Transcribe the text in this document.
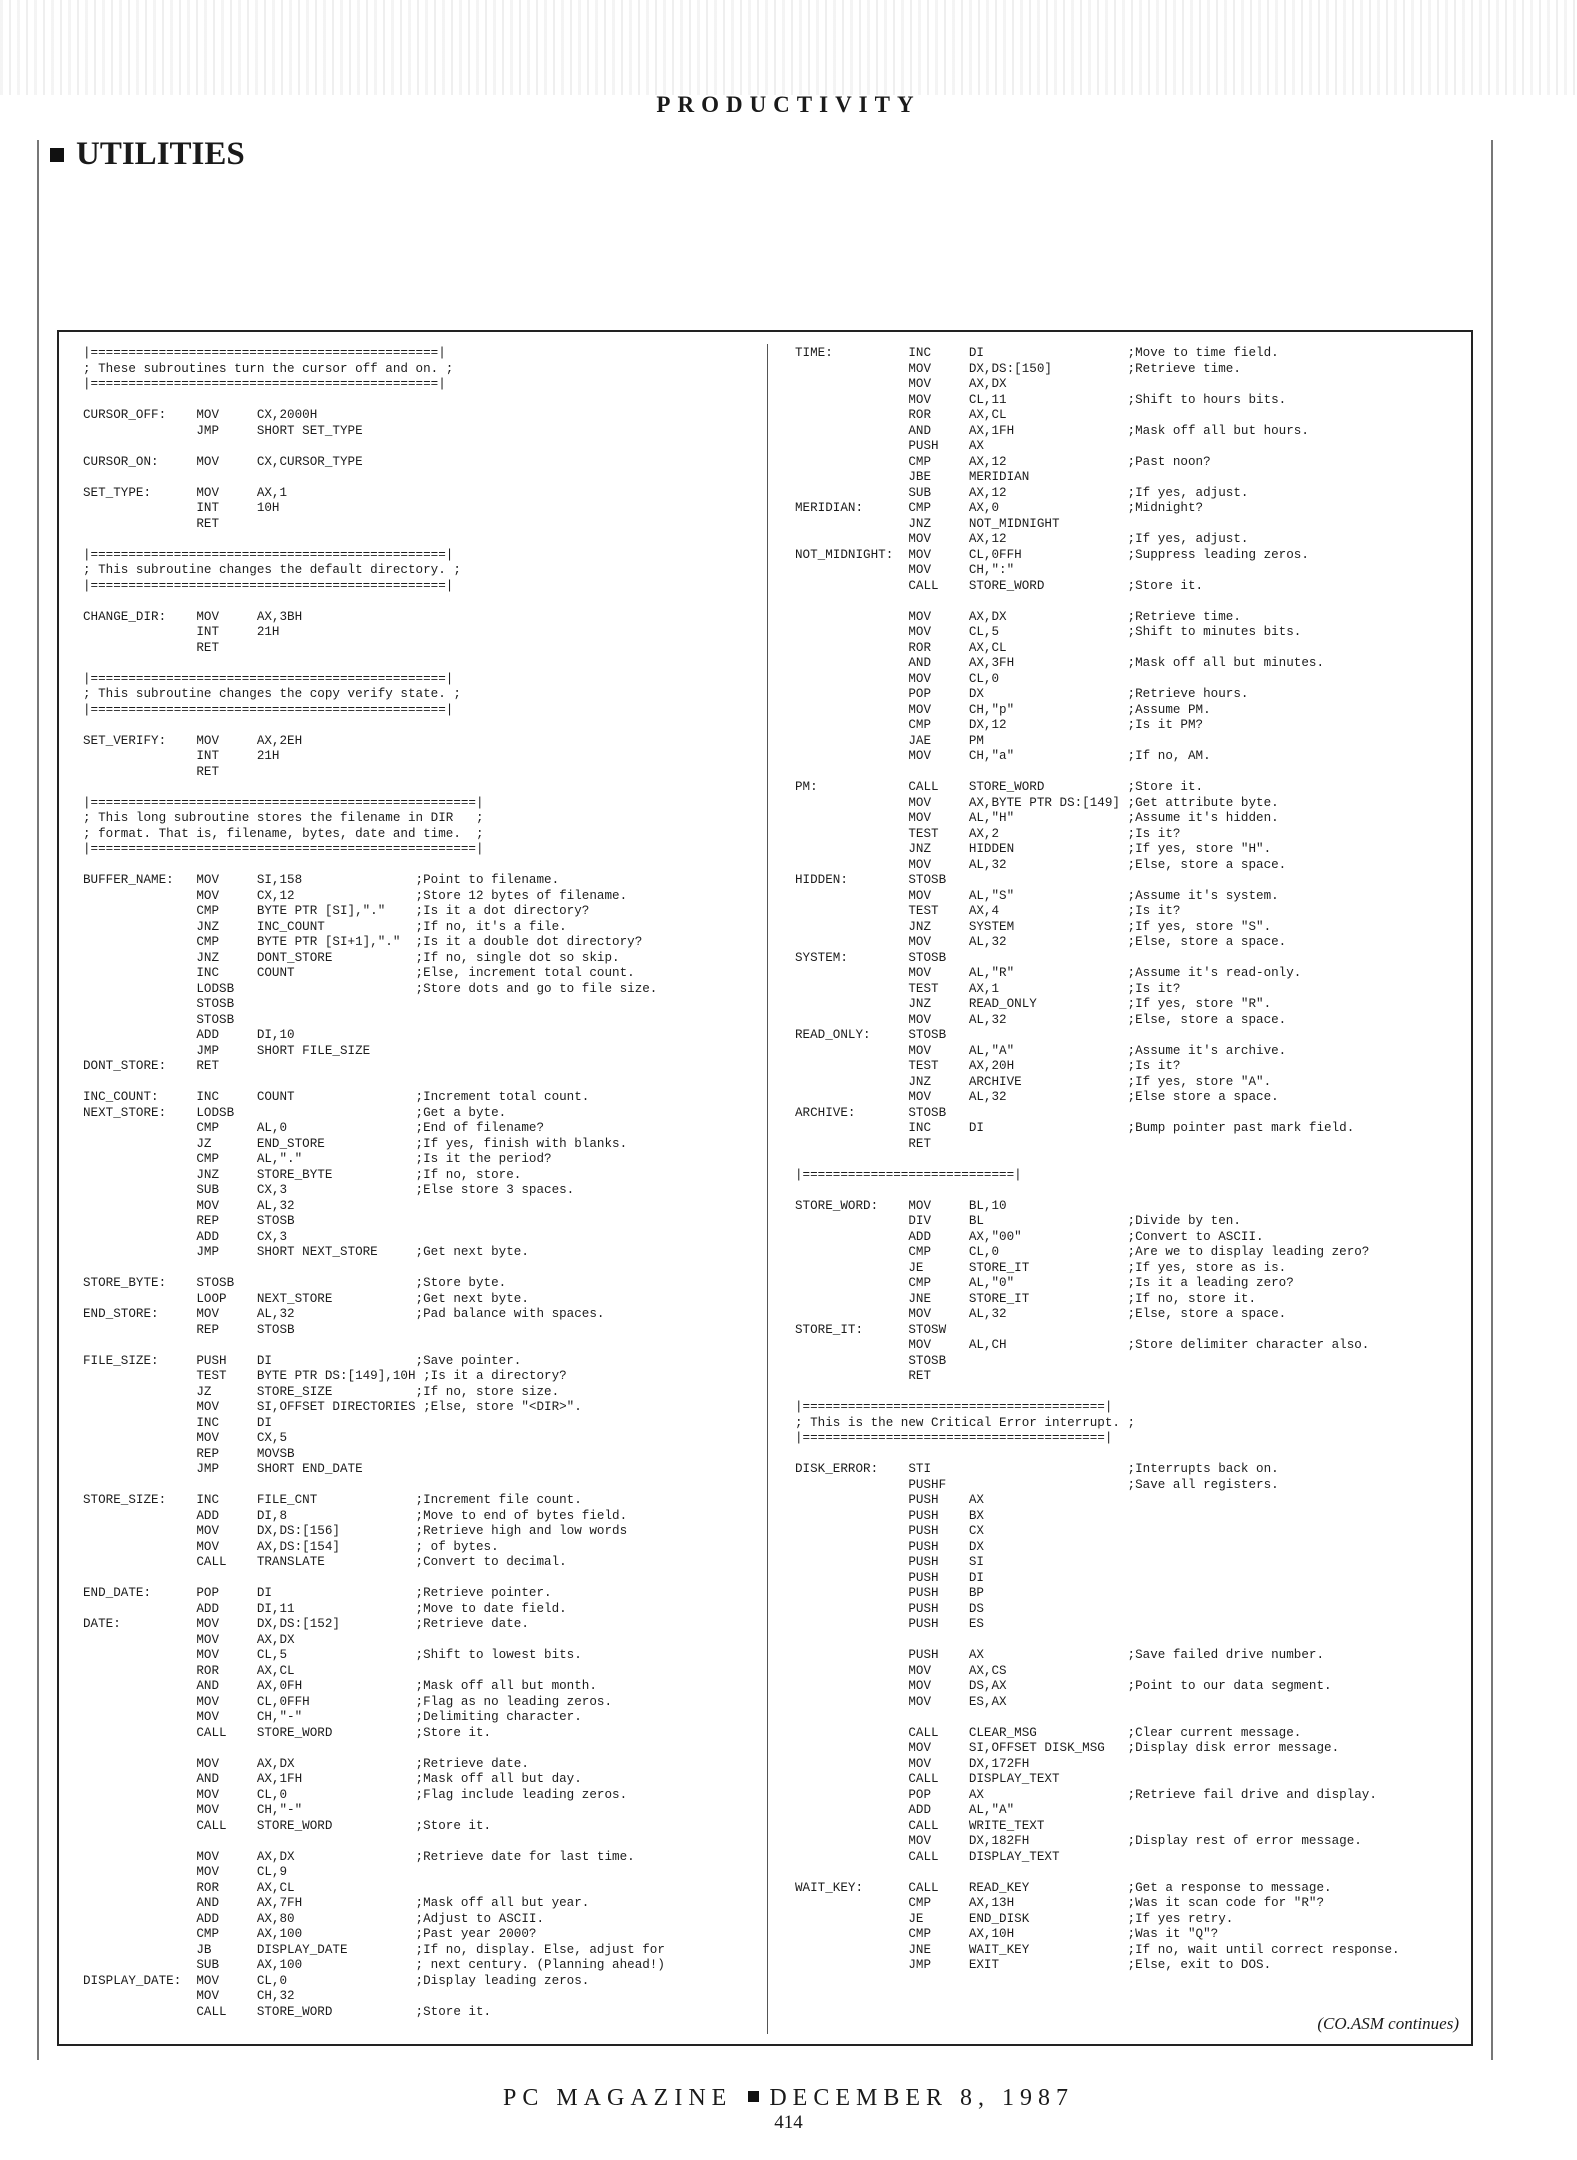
PRODUCTIVITY
UTILITIES
|==============================================|
; These subroutines turn the cursor off and on. ;
|==============================================|

CURSOR_OFF:    MOV     CX,2000H
JMP     SHORT SET_TYPE

CURSOR_ON:     MOV     CX,CURSOR_TYPE

SET_TYPE:      MOV     AX,1
INT     10H
RET

|===============================================|
; This subroutine changes the default directory. ;
|===============================================|

CHANGE_DIR:    MOV     AX,3BH
INT     21H
RET

|===============================================|
; This subroutine changes the copy verify state. ;
|===============================================|

SET_VERIFY:    MOV     AX,2EH
INT     21H
RET

|===================================================|
; This long subroutine stores the filename in DIR   ;
; format. That is, filename, bytes, date and time.  ;
|===================================================|

BUFFER_NAME:   MOV     SI,158               ;Point to filename.
MOV     CX,12                ;Store 12 bytes of filename.
CMP     BYTE PTR [SI],"."    ;Is it a dot directory?
JNZ     INC_COUNT            ;If no, it's a file.
CMP     BYTE PTR [SI+1],"."  ;Is it a double dot directory?
JNZ     DONT_STORE           ;If no, single dot so skip.
INC     COUNT                ;Else, increment total count.
LODSB                        ;Store dots and go to file size.
STOSB
STOSB
ADD     DI,10
JMP     SHORT FILE_SIZE
DONT_STORE:    RET

INC_COUNT:     INC     COUNT                ;Increment total count.
NEXT_STORE:    LODSB                        ;Get a byte.
CMP     AL,0                 ;End of filename?
JZ      END_STORE            ;If yes, finish with blanks.
CMP     AL,"."               ;Is it the period?
JNZ     STORE_BYTE           ;If no, store.
SUB     CX,3                 ;Else store 3 spaces.
MOV     AL,32
REP     STOSB
ADD     CX,3
JMP     SHORT NEXT_STORE     ;Get next byte.

STORE_BYTE:    STOSB                        ;Store byte.
LOOP    NEXT_STORE           ;Get next byte.
END_STORE:     MOV     AL,32                ;Pad balance with spaces.
REP     STOSB

FILE_SIZE:     PUSH    DI                   ;Save pointer.
TEST    BYTE PTR DS:[149],10H ;Is it a directory?
JZ      STORE_SIZE           ;If no, store size.
MOV     SI,OFFSET DIRECTORIES ;Else, store "<DIR>".
INC     DI
MOV     CX,5
REP     MOVSB
JMP     SHORT END_DATE

STORE_SIZE:    INC     FILE_CNT             ;Increment file count.
ADD     DI,8                 ;Move to end of bytes field.
MOV     DX,DS:[156]          ;Retrieve high and low words
MOV     AX,DS:[154]          ; of bytes.
CALL    TRANSLATE            ;Convert to decimal.

END_DATE:      POP     DI                   ;Retrieve pointer.
ADD     DI,11                ;Move to date field.
DATE:          MOV     DX,DS:[152]          ;Retrieve date.
MOV     AX,DX
MOV     CL,5                 ;Shift to lowest bits.
ROR     AX,CL
AND     AX,0FH               ;Mask off all but month.
MOV     CL,0FFH              ;Flag as no leading zeros.
MOV     CH,"-"               ;Delimiting character.
CALL    STORE_WORD           ;Store it.

MOV     AX,DX                ;Retrieve date.
AND     AX,1FH               ;Mask off all but day.
MOV     CL,0                 ;Flag include leading zeros.
MOV     CH,"-"
CALL    STORE_WORD           ;Store it.

MOV     AX,DX                ;Retrieve date for last time.
MOV     CL,9
ROR     AX,CL
AND     AX,7FH               ;Mask off all but year.
ADD     AX,80                ;Adjust to ASCII.
CMP     AX,100               ;Past year 2000?
JB      DISPLAY_DATE         ;If no, display. Else, adjust for
SUB     AX,100               ; next century. (Planning ahead!)
DISPLAY_DATE:  MOV     CL,0                 ;Display leading zeros.
MOV     CH,32
CALL    STORE_WORD           ;Store it.
TIME:          INC     DI                   ;Move to time field.
MOV     DX,DS:[150]          ;Retrieve time.
MOV     AX,DX
MOV     CL,11                ;Shift to hours bits.
ROR     AX,CL
AND     AX,1FH               ;Mask off all but hours.
PUSH    AX
CMP     AX,12                ;Past noon?
JBE     MERIDIAN
SUB     AX,12                ;If yes, adjust.
MERIDIAN:      CMP     AX,0                 ;Midnight?
JNZ     NOT_MIDNIGHT
MOV     AX,12                ;If yes, adjust.
NOT_MIDNIGHT:  MOV     CL,0FFH              ;Suppress leading zeros.
MOV     CH,":"
CALL    STORE_WORD           ;Store it.

MOV     AX,DX                ;Retrieve time.
MOV     CL,5                 ;Shift to minutes bits.
ROR     AX,CL
AND     AX,3FH               ;Mask off all but minutes.
MOV     CL,0
POP     DX                   ;Retrieve hours.
MOV     CH,"p"               ;Assume PM.
CMP     DX,12                ;Is it PM?
JAE     PM
MOV     CH,"a"               ;If no, AM.

PM:            CALL    STORE_WORD           ;Store it.
MOV     AX,BYTE PTR DS:[149] ;Get attribute byte.
MOV     AL,"H"               ;Assume it's hidden.
TEST    AX,2                 ;Is it?
JNZ     HIDDEN               ;If yes, store "H".
MOV     AL,32                ;Else, store a space.
HIDDEN:        STOSB
MOV     AL,"S"               ;Assume it's system.
TEST    AX,4                 ;Is it?
JNZ     SYSTEM               ;If yes, store "S".
MOV     AL,32                ;Else, store a space.
SYSTEM:        STOSB
MOV     AL,"R"               ;Assume it's read-only.
TEST    AX,1                 ;Is it?
JNZ     READ_ONLY            ;If yes, store "R".
MOV     AL,32                ;Else, store a space.
READ_ONLY:     STOSB
MOV     AL,"A"               ;Assume it's archive.
TEST    AX,20H               ;Is it?
JNZ     ARCHIVE              ;If yes, store "A".
MOV     AL,32                ;Else store a space.
ARCHIVE:       STOSB
INC     DI                   ;Bump pointer past mark field.
RET

|============================|

STORE_WORD:    MOV     BL,10
DIV     BL                   ;Divide by ten.
ADD     AX,"00"              ;Convert to ASCII.
CMP     CL,0                 ;Are we to display leading zero?
JE      STORE_IT             ;If yes, store as is.
CMP     AL,"0"               ;Is it a leading zero?
JNE     STORE_IT             ;If no, store it.
MOV     AL,32                ;Else, store a space.
STORE_IT:      STOSW
MOV     AL,CH                ;Store delimiter character also.
STOSB
RET

|========================================|
; This is the new Critical Error interrupt. ;
|========================================|

DISK_ERROR:    STI                          ;Interrupts back on.
PUSHF                        ;Save all registers.
PUSH    AX
PUSH    BX
PUSH    CX
PUSH    DX
PUSH    SI
PUSH    DI
PUSH    BP
PUSH    DS
PUSH    ES

PUSH    AX                   ;Save failed drive number.
MOV     AX,CS
MOV     DS,AX                ;Point to our data segment.
MOV     ES,AX

CALL    CLEAR_MSG            ;Clear current message.
MOV     SI,OFFSET DISK_MSG   ;Display disk error message.
MOV     DX,172FH
CALL    DISPLAY_TEXT
POP     AX                   ;Retrieve fail drive and display.
ADD     AL,"A"
CALL    WRITE_TEXT
MOV     DX,182FH             ;Display rest of error message.
CALL    DISPLAY_TEXT

WAIT_KEY:      CALL    READ_KEY             ;Get a response to message.
CMP     AX,13H               ;Was it scan code for "R"?
JE      END_DISK             ;If yes retry.
CMP     AX,10H               ;Was it "Q"?
JNE     WAIT_KEY             ;If no, wait until correct response.
JMP     EXIT                 ;Else, exit to DOS.
(CO.ASM continues)
PC MAGAZINE DECEMBER 8, 1987
414
